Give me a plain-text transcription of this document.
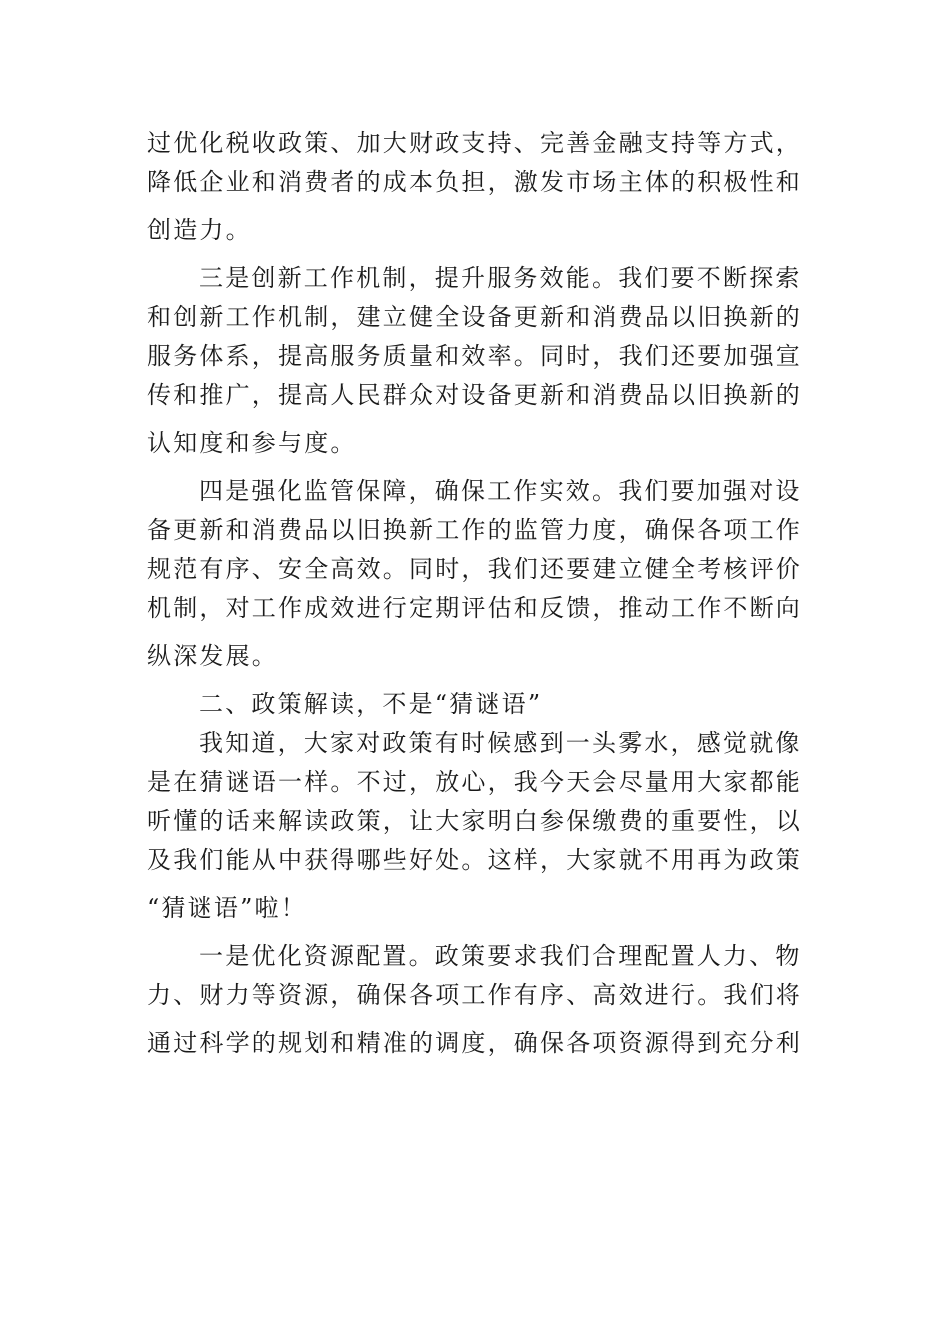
过优化税收政策、加大财政支持、完善金融支持等方式，
降低企业和消费者的成本负担，激发市场主体的积极性和
创造力。
三是创新工作机制，提升服务效能。我们要不断探索
和创新工作机制，建立健全设备更新和消费品以旧换新的
服务体系，提高服务质量和效率。同时，我们还要加强宣
传和推广，提高人民群众对设备更新和消费品以旧换新的
认知度和参与度。
四是强化监管保障，确保工作实效。我们要加强对设
备更新和消费品以旧换新工作的监管力度，确保各项工作
规范有序、安全高效。同时，我们还要建立健全考核评价
机制，对工作成效进行定期评估和反馈，推动工作不断向
纵深发展。
二、政策解读，不是“猜谜语”
我知道，大家对政策有时候感到一头雾水，感觉就像
是在猜谜语一样。不过，放心，我今天会尽量用大家都能
听懂的话来解读政策，让大家明白参保缴费的重要性，以
及我们能从中获得哪些好处。这样，大家就不用再为政策
“猜谜语”啦！
一是优化资源配置。政策要求我们合理配置人力、物
力、财力等资源，确保各项工作有序、高效进行。我们将
通过科学的规划和精准的调度，确保各项资源得到充分利
